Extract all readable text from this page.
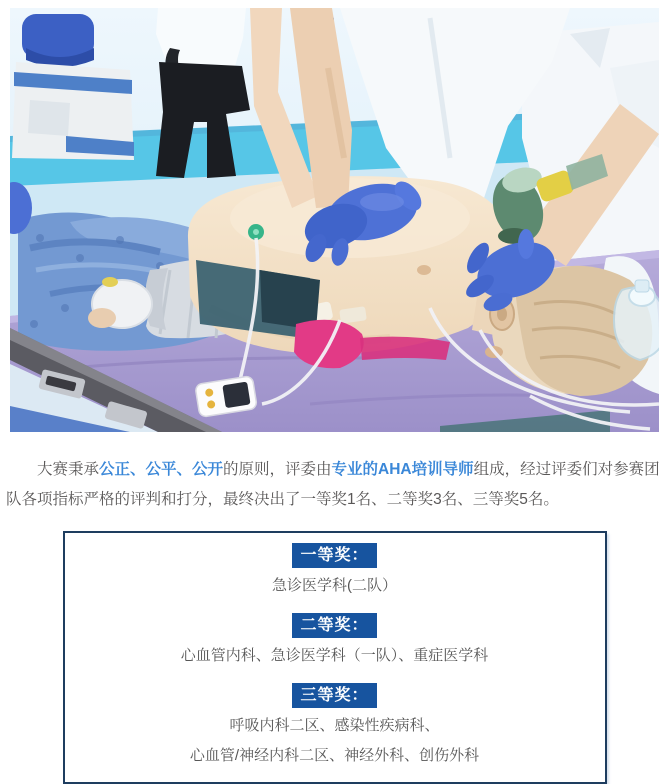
大赛秉承公正、公平、公开的原则，评委由专业的AHA培训导师组成，经过评委们对参赛团队各项指标严格的评判和打分，最终决出了一等奖1名、二等奖3名、三等奖5名。

一等奖：
急诊医学科(二队）
二等奖：
心血管内科、急诊医学科（一队）、重症医学科
三等奖：
呼吸内科二区、感染性疾病科、
心血管/神经内科二区、神经外科、创伤外科
